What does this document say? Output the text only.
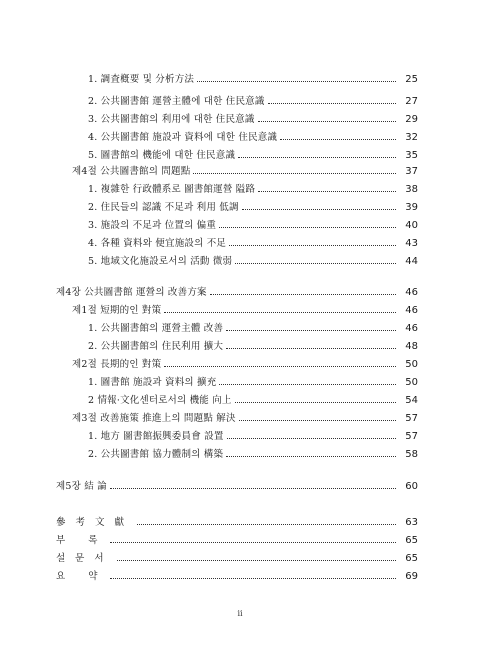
1. 調査槪要 및 分析方法	25
2. 公共圖書館 運營主體에 대한 住民意識	27
3. 公共圖書館의 利用에 대한 住民意識	29
4. 公共圖書館 施設과 資料에 대한 住民意識	32
5. 圖書館의 機能에 대한 住民意識	35
제4절 公共圖書館의 問題點	37
1. 複雜한 行政體系로 圖書館運營 隘路	38
2. 住民들의 認識 不足과 利用 低調	39
3. 施設의 不足과 位置의 偏重	40
4. 各種 資料와 便宜施設의 不足	43
5. 地域文化施設로서의 活動 微弱	44
제4장 公共圖書館 運營의 改善方案	46
제1절 短期的인 對策	46
1. 公共圖書館의 運營主體 改善	46
2. 公共圖書館의 住民利用 擴大	48
제2절 長期的인 對策	50
1. 圖書館 施設과 資料의 擴充	50
2 情報·文化센터로서의 機能 向上	54
제3절 改善施策 推進上의 問題點 解決	57
1. 地方 圖書館振興委員會 設置	57
2. 公共圖書館 協力體制의 構築	58
제5장 結 論	60
參考文獻	63
부 록	65
설문서	65
요 약	69
ii
